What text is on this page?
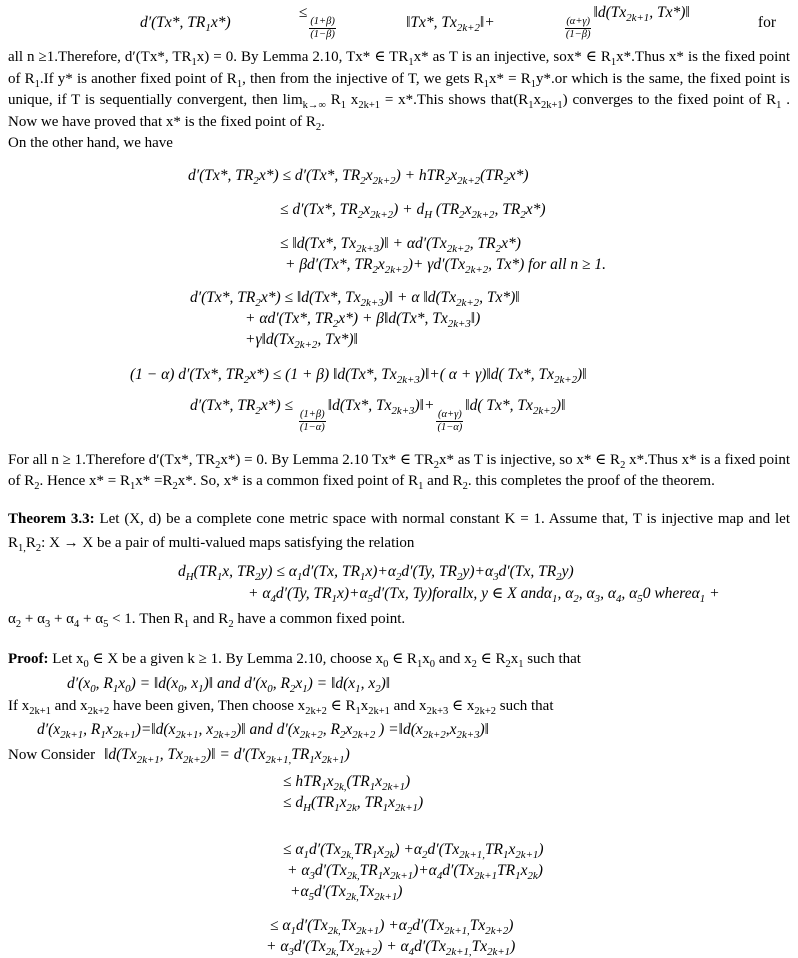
d′(Tx*, $TR_1x*$)
≤
$\frac{(1+\beta)}{(1-\beta)}$	‖Tx*, $Tx_{2k+2}‖+$	$\frac{(\alpha+\gamma)}{(1-\beta)}$
$‖d(Tx_{2k+1}$, Tx*)‖
for

all n ≥1.Therefore, d′(Tx*, $TR_1x) = 0$. By Lemma 2.10, Tx* ∈ $TR_1x*$ as T is an injective, sox* ∈ $R_1x*.Thus$ x* is the fixed point of $R_1.If$ y* is another fixed point of $R_1$, then from the injective of T, we gets $R_1x* = R_1y*.or$ which is the same, the fixed point is unique, if T is sequentially convergent, then $\lim_{k\to\infty} R_1$ $x_{2k+1}$ = x*.This shows $that(R_1x_{2k+1})$ converges to the fixed point of $R_1$ . Now we have proved that x* is the fixed point of $R_2$.

On the other hand, we have
d′(Tx*, $TR_2x*) \le d'(Tx*$, $TR_2x_{2k+2}) + hTR_2x_{2k+2}(TR_2x*)$
≤ d′(Tx*, $TR_2x_{2k+2}) + d_H$ ($TR_2x_{2k+2}$, $TR_2x*$)
≤ ‖d(Tx*, $Tx_{2k+3})‖ + \alpha d'(Tx_{2k+2}$, $TR_2x*$)
+ βd′(Tx*, $TR_2x_{2k+2})+ \gamma d'(Tx_{2k+2}$, Tx*) for all n ≥ 1.
d′(Tx*, $TR_2x*$) ≤ ‖d(Tx*, $Tx_{2k+3})‖ + \alpha$ $‖d(Tx_{2k+2}$, Tx*)‖
+ αd′(Tx*, $TR_2x*$) + β‖d(Tx*, $Tx_{2k+3}‖$)
$+\gamma‖d(Tx_{2k+2}$, Tx*)‖
(1 − α) d′(Tx*, $TR_2x*) \le (1 + \beta)$ ‖d(Tx*, $Tx_{2k+3})‖+$( α + γ)‖d( Tx*, $Tx_{2k+2})‖$
d′(Tx*, $TR_2x*$) ≤
$\frac{(1+\beta)}{(1-\alpha)}$
‖d(Tx*, $Tx_{2k+3})‖+$
$\frac{(\alpha+\gamma)}{(1-\alpha)}$
‖d( Tx*, $Tx_{2k+2})‖$

For all n ≥ 1.Therefore d′(Tx*, $TR_2x*) = 0$. By Lemma 2.10 Tx* ∈ $TR_2x*$ as T is injective, so x* ∈ $R_2$ x*.Thus x* is a fixed point of $R_2$. Hence $x* = R_1x* =R_2x*$. So, x* is a common fixed point of $R_1$ and $R_2$. this completes the proof of the theorem.

Theorem 3.3: Let (X, d) be a complete cone metric space with normal constant K = 1. Assume that, T is injective map and let $R_{1,}R_2$: X → X be a pair of multi-valued maps satisfying the relation

$d_H(TR_1x$, $TR_2y) \le \alpha_1d'(Tx$, $TR_1x)+\alpha_2d'(Ty$, $TR_2y)+\alpha_3d'(Tx$, $TR_2y$)
+ $\alpha_4d'(Ty$, $TR_1x)+\alpha_5d'(Tx$, Ty)forallx, y ∈ X andα$_1$, $\alpha_2$, $\alpha_3$, $\alpha_4$, $\alpha_50$ whereα$_1$ +
$\alpha_2 + \alpha_3 + \alpha_4 + \alpha_5 < 1$. Then $R_1$ and $R_2$ have a common fixed point.

Proof: Let $x_0$ ∈ X be a given k ≥ 1. By Lemma 2.10, choose $x_0$ ∈ $R_1x_0$ and $x_2$ ∈ $R_2x_1$ such that

$d'(x_0$, $R_1x_0$) = $‖d(x_0$, $x_1)‖$ and $d'(x_0$, $R_2x_1$) = $‖d(x_1$, $x_2)‖$
If $x_{2k+1}$ and $x_{2k+2}$ have been given, Then choose $x_{2k+2}$ ∈ $R_1x_{2k+1}$ and $x_{2k+3}$ ∈ $x_{2k+2}$ such that
$d'(x_{2k+1}$, $R_1x_{2k+1})=‖d(x_{2k+1}$, $x_{2k+2})‖$ and $d'(x_{2k+2}$, $R_2x_{2k+2}$ ) $=‖d(x_{2k+2},x_{2k+3})‖$
Now Consider $‖d(Tx_{2k+1}$, $Tx_{2k+2})‖ = d'(Tx_{2k+1,}TR_1x_{2k+1})$
≤ $hTR_1x_{2k,}(TR_1x_{2k+1})$
≤ $d_H(TR_1x_{2k}$, $TR_1x_{2k+1}$)
≤ $\alpha_1d'(Tx_{2k,}TR_1x_{2k}) +\alpha_2d'(Tx_{2k+1,}TR_1x_{2k+1})$
+ $\alpha_3d'(Tx_{2k,}TR_1x_{2k+1})+\alpha_4d'(Tx_{2k+1}TR_1x_{2k})$
$+\alpha_5d'(Tx_{2k,}Tx_{2k+1})$
≤ $\alpha_1d'(Tx_{2k,}Tx_{2k+1}) +\alpha_2d'(Tx_{2k+1,}Tx_{2k+2})$
+ $\alpha_3d'(Tx_{2k,}Tx_{2k+2}) + \alpha_4d'(Tx_{2k+1,}Tx_{2k+1})$
